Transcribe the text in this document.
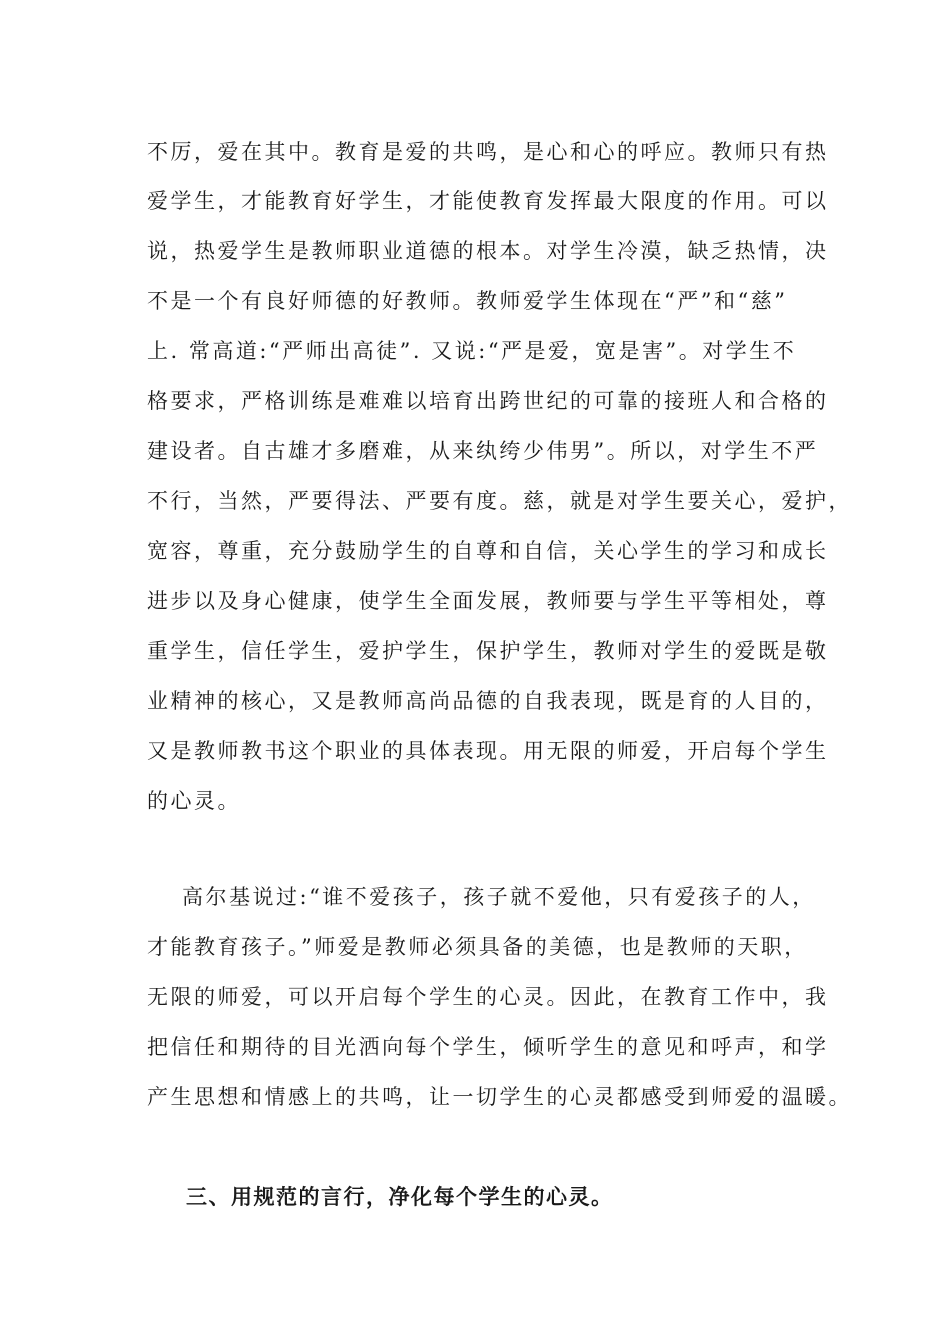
不厉，爱在其中。教育是爱的共鸣，是心和心的呼应。教师只有热
爱学生，才能教育好学生，才能使教育发挥最大限度的作用。可以
说，热爱学生是教师职业道德的根本。对学生冷漠，缺乏热情，决
不是一个有良好师德的好教师。教师爱学生体现在“严”和“慈”
上. 常高道:“严师出高徒”. 又说:“严是爱，宽是害”。对学生不
格要求，严格训练是难难以培育出跨世纪的可靠的接班人和合格的
建设者。自古雄才多磨难，从来纨绔少伟男”。所以，对学生不严
不行，当然，严要得法、严要有度。慈，就是对学生要关心，爱护，
宽容，尊重，充分鼓励学生的自尊和自信，关心学生的学习和成长
进步以及身心健康，使学生全面发展，教师要与学生平等相处，尊
重学生，信任学生，爱护学生，保护学生，教师对学生的爱既是敬
业精神的核心，又是教师高尚品德的自我表现，既是育的人目的，
又是教师教书这个职业的具体表现。用无限的师爱，开启每个学生
的心灵。
高尔基说过:“谁不爱孩子，孩子就不爱他，只有爱孩子的人，
才能教育孩子。”师爱是教师必须具备的美德，也是教师的天职，
无限的师爱，可以开启每个学生的心灵。因此，在教育工作中，我
把信任和期待的目光洒向每个学生，倾听学生的意见和呼声，和学
产生思想和情感上的共鸣，让一切学生的心灵都感受到师爱的温暖。
三、用规范的言行，净化每个学生的心灵。
